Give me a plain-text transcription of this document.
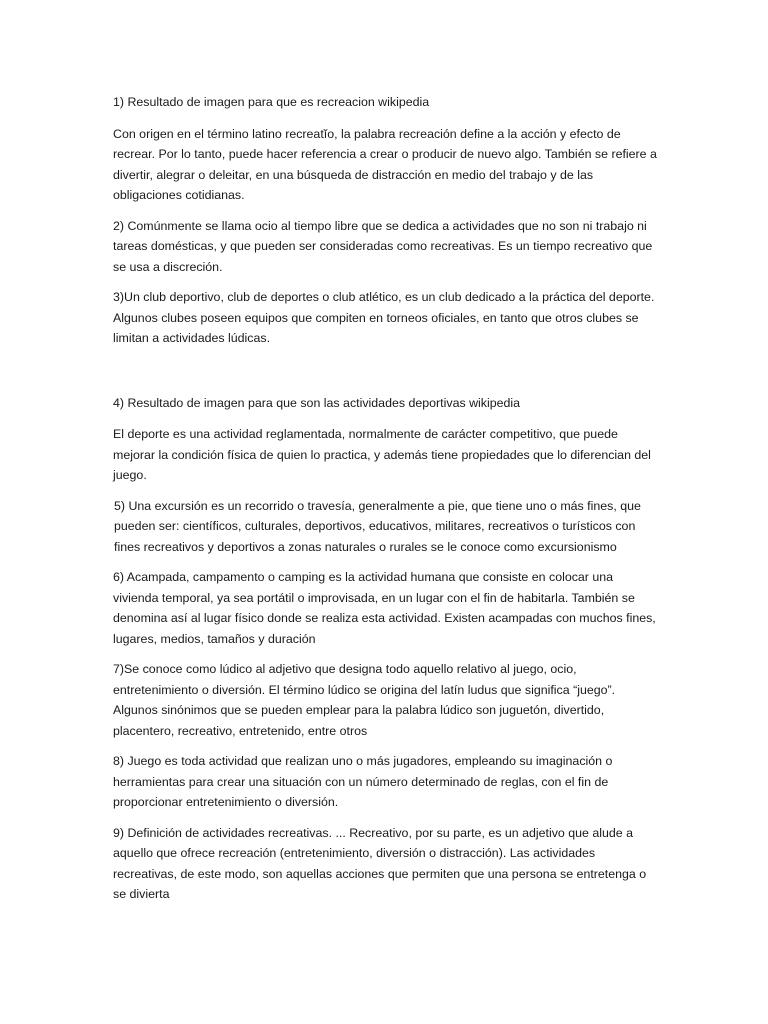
1) Resultado de imagen para que es recreacion wikipedia

Con origen en el término latino recreatĭo, la palabra recreación define a la acción y efecto de recrear. Por lo tanto, puede hacer referencia a crear o producir de nuevo algo. También se refiere a divertir, alegrar o deleitar, en una búsqueda de distracción en medio del trabajo y de las obligaciones cotidianas.

2) Comúnmente se llama ocio al tiempo libre que se dedica a actividades que no son ni trabajo ni tareas domésticas, y que pueden ser consideradas como recreativas. Es un tiempo recreativo que se usa a discreción.

3)Un club deportivo, club de deportes o club atlético, es un club dedicado a la práctica del deporte. Algunos clubes poseen equipos que compiten en torneos oficiales, en tanto que otros clubes se limitan a actividades lúdicas.

4) Resultado de imagen para que son las actividades deportivas wikipedia

El deporte es una actividad reglamentada, normalmente de carácter competitivo, que puede mejorar la condición física de quien lo practica, y además tiene propiedades que lo diferencian del juego.

5) Una excursión es un recorrido o travesía, generalmente a pie, que tiene uno o más fines, que pueden ser: científicos, culturales, deportivos, educativos, militares, recreativos o turísticos con fines recreativos y deportivos a zonas naturales o rurales se le conoce como excursionismo

6) Acampada, campamento o camping es la actividad humana que consiste en colocar una vivienda temporal, ya sea portátil o improvisada, en un lugar con el fin de habitarla. También se denomina así al lugar físico donde se realiza esta actividad. Existen acampadas con muchos fines, lugares, medios, tamaños y duración

7)Se conoce como lúdico al adjetivo que designa todo aquello relativo al juego, ocio, entretenimiento o diversión. El término lúdico se origina del latín ludus que significa “juego”. Algunos sinónimos que se pueden emplear para la palabra lúdico son juguetón, divertido, placentero, recreativo, entretenido, entre otros

8) Juego es toda actividad que realizan uno o más jugadores, empleando su imaginación o herramientas para crear una situación con un número determinado de reglas, con el fin de proporcionar entretenimiento o diversión.

9) Definición de actividades recreativas. ... Recreativo, por su parte, es un adjetivo que alude a aquello que ofrece recreación (entretenimiento, diversión o distracción). Las actividades recreativas, de este modo, son aquellas acciones que permiten que una persona se entretenga o se divierta
